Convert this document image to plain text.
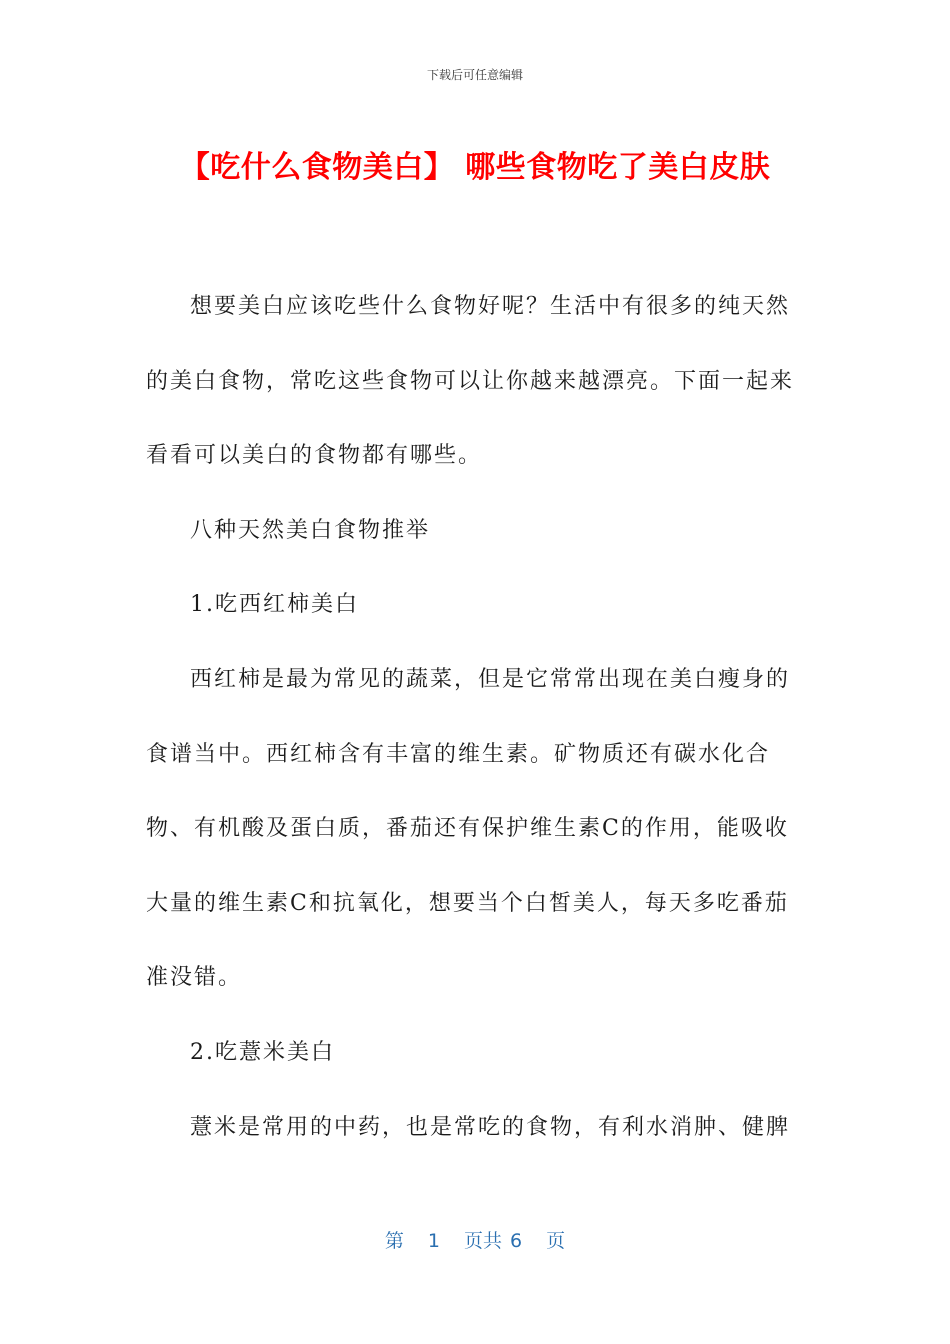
下载后可任意编辑
【吃什么食物美白】 哪些食物吃了美白皮肤

想要美白应该吃些什么食物好呢？生活中有很多的纯天然的美白食物，常吃这些食物可以让你越来越漂亮。下面一起来看看可以美白的食物都有哪些。

八种天然美白食物推举

1.吃西红柿美白

西红柿是最为常见的蔬菜，但是它常常出现在美白瘦身的食谱当中。西红柿含有丰富的维生素。矿物质还有碳水化合物、有机酸及蛋白质，番茄还有保护维生素C的作用，能吸收大量的维生素C和抗氧化，想要当个白皙美人，每天多吃番茄准没错。

2.吃薏米美白

薏米是常用的中药，也是常吃的食物，有利水消肿、健脾

第 1 页共 6 页
